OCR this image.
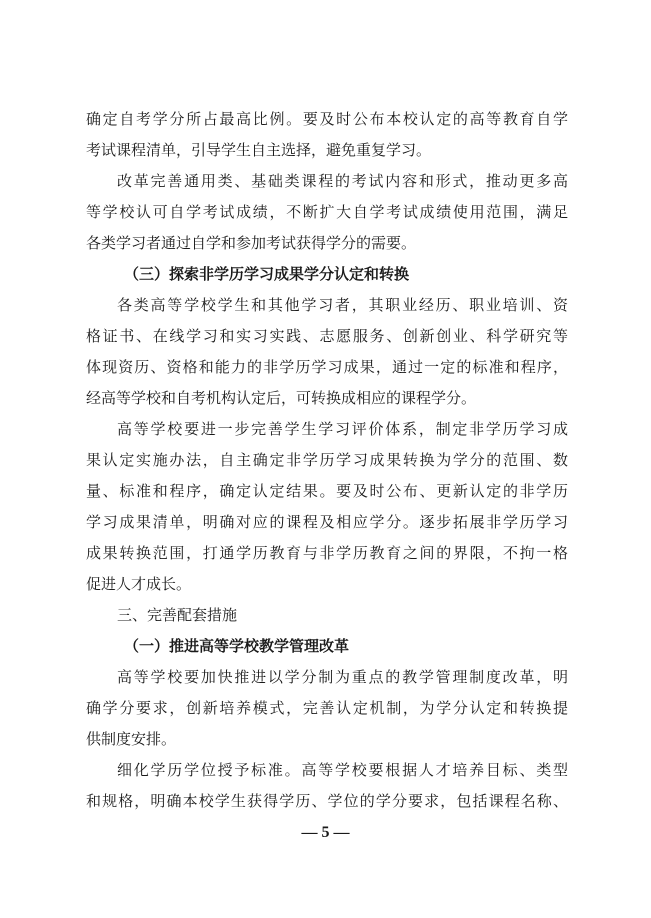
确定自考学分所占最高比例。要及时公布本校认定的高等教育自学
考试课程清单，引导学生自主选择，避免重复学习。
改革完善通用类、基础类课程的考试内容和形式，推动更多高
等学校认可自学考试成绩，不断扩大自学考试成绩使用范围，满足
各类学习者通过自学和参加考试获得学分的需要。
（三）探索非学历学习成果学分认定和转换
各类高等学校学生和其他学习者，其职业经历、职业培训、资
格证书、在线学习和实习实践、志愿服务、创新创业、科学研究等
体现资历、资格和能力的非学历学习成果，通过一定的标准和程序，
经高等学校和自考机构认定后，可转换成相应的课程学分。
高等学校要进一步完善学生学习评价体系，制定非学历学习成
果认定实施办法，自主确定非学历学习成果转换为学分的范围、数
量、标准和程序，确定认定结果。要及时公布、更新认定的非学历
学习成果清单，明确对应的课程及相应学分。逐步拓展非学历学习
成果转换范围，打通学历教育与非学历教育之间的界限，不拘一格
促进人才成长。
三、完善配套措施
（一）推进高等学校教学管理改革
高等学校要加快推进以学分制为重点的教学管理制度改革，明
确学分要求，创新培养模式，完善认定机制，为学分认定和转换提
供制度安排。
细化学历学位授予标准。高等学校要根据人才培养目标、类型
和规格，明确本校学生获得学历、学位的学分要求，包括课程名称、
— 5 —
